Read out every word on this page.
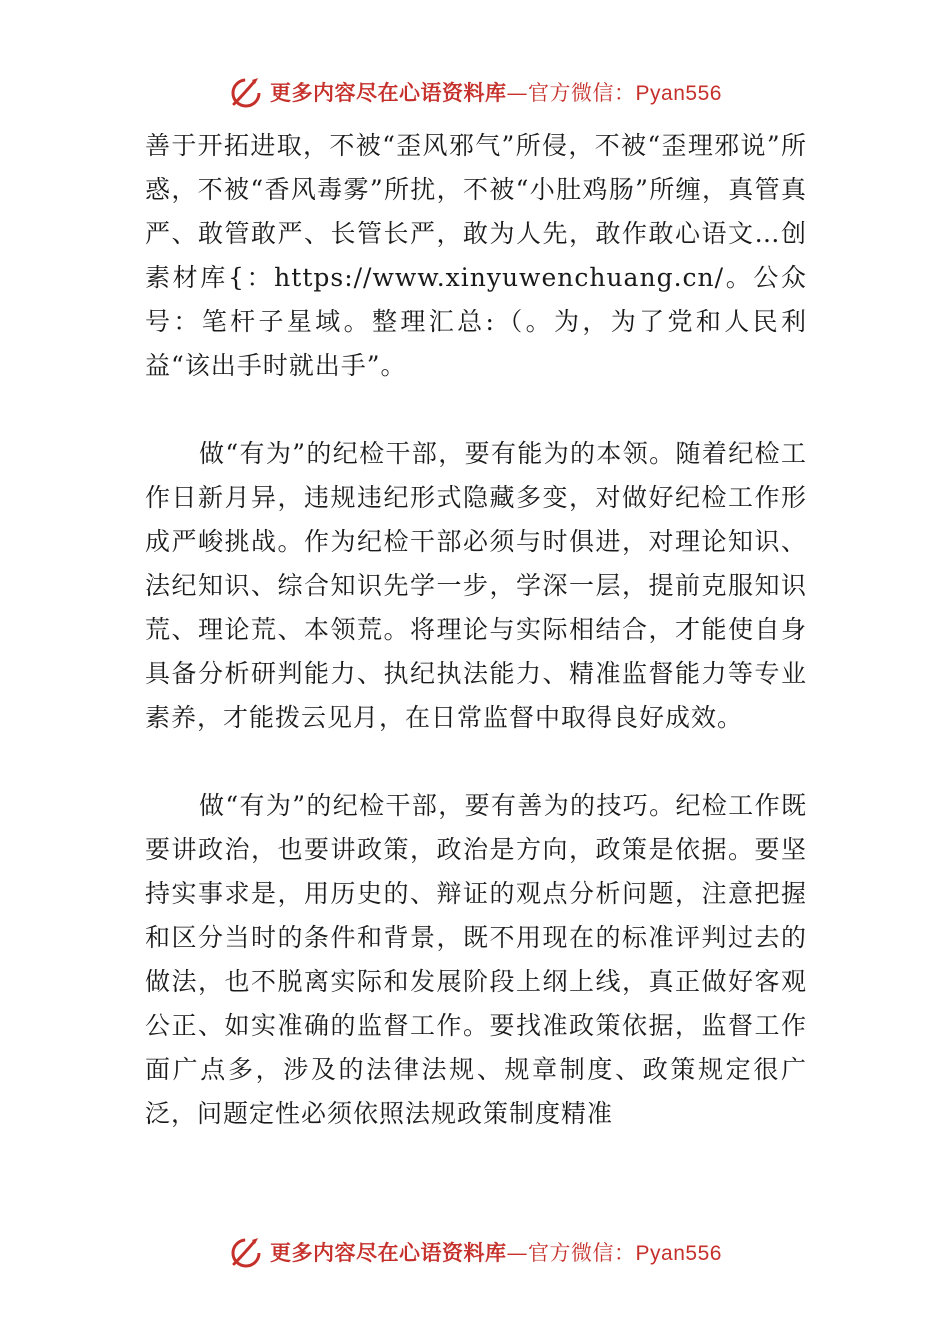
更多内容尽在心语资料库—官方微信：Pyan556

善于开拓进取，不被“歪风邪气”所侵，不被“歪理邪说”所惑，不被“香风毒雾”所扰，不被“小肚鸡肠”所缠，真管真严、敢管敢严、长管长严，敢为人先，敢作敢心语文…创素材库{：https://www.xinyuwenchuang.cn/。公众号：笔杆子星域。整理汇总:（。为，为了党和人民利益“该出手时就出手”。

做“有为”的纪检干部，要有能为的本领。随着纪检工作日新月异，违规违纪形式隐藏多变，对做好纪检工作形成严峻挑战。作为纪检干部必须与时俱进，对理论知识、法纪知识、综合知识先学一步，学深一层，提前克服知识荒、理论荒、本领荒。将理论与实际相结合，才能使自身具备分析研判能力、执纪执法能力、精准监督能力等专业素养，才能拨云见月，在日常监督中取得良好成效。

做“有为”的纪检干部，要有善为的技巧。纪检工作既要讲政治，也要讲政策，政治是方向，政策是依据。要坚持实事求是，用历史的、辩证的观点分析问题，注意把握和区分当时的条件和背景，既不用现在的标准评判过去的做法，也不脱离实际和发展阶段上纲上线，真正做好客观公正、如实准确的监督工作。要找准政策依据，监督工作面广点多，涉及的法律法规、规章制度、政策规定很广泛，问题定性必须依照法规政策制度精准

更多内容尽在心语资料库—官方微信：Pyan556
